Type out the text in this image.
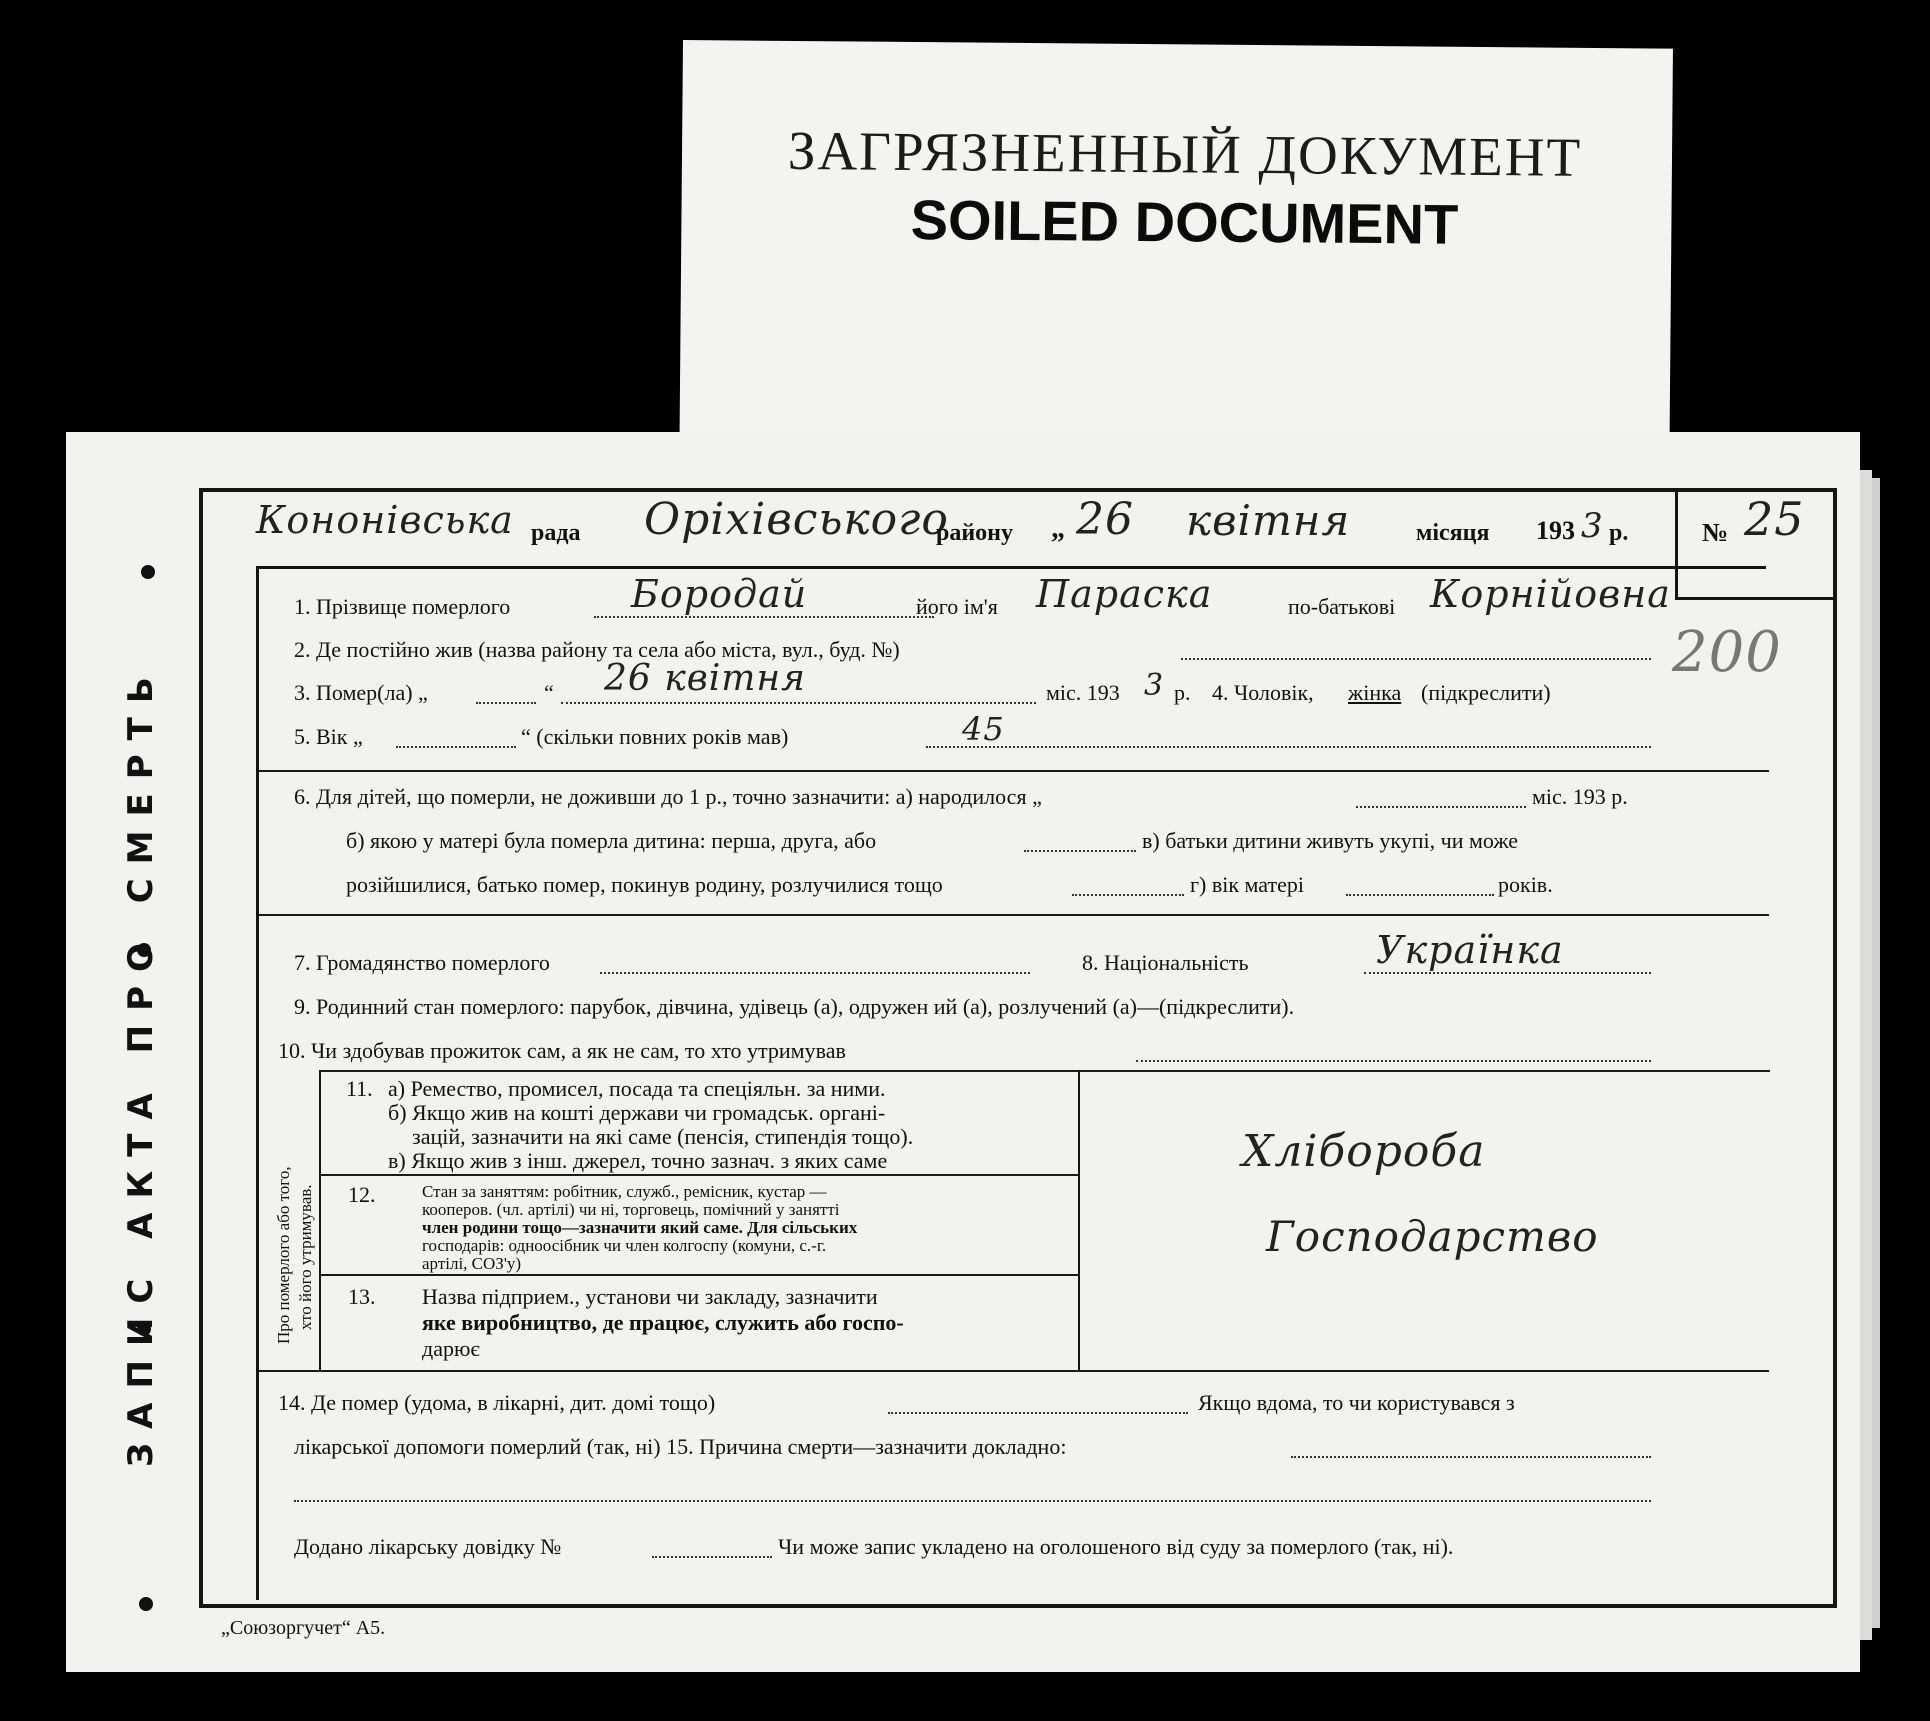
ЗАГРЯЗНЕННЫЙ ДОКУМЕНТ
SOILED DOCUMENT
Кононівська рада Оріхівського
району „ 26 квітня	місяця 193 3 р.	№ 25
200
ЗАПИС АКТА ПРО СМЕРТЬ	Про померлого або того, хто його утримував.
1. Прізвище померлого	Бородай	його ім'я Параска	по-батькові Корнійовна
2. Де постійно жив (назва району та села або міста, вул., буд. №)
3. Помер(ла) „	“ 26 квітня	міс. 193 3 р. 4. Чоловік, жінка (підкреслити)
5. Вік „	“ (скільки повних років мав)	45
6. Для дітей, що померли, не доживши до 1 р., точно зазначити: а) народилося „	міс. 193 р.
б) якою у матері була померла дитина: перша, друга, або	в) батьки дитини живуть укупі, чи може
розійшилися, батько помер, покинув родину, розлучилися тощо	г) вік матері	років.
7. Громадянство померлого	8. Національність	Українка
9. Родинний стан померлого: парубок, дівчина, удівець (а), одружен ий (а), розлучений (а)—(підкреслити).
10. Чи здобував прожиток сам, а як не сам, то хто утримував
11. а) Ремество, промисел, посада та спеціяльн. за ними.
б) Якщо жив на коштi держави чи громадськ. органі-
зацій, зазначити на які саме (пенсія, стипендія тощо).
в) Якщо жив з інш. джерел, точно зазнач. з яких саме	Хлібороба
Господарство
12.	Стан за заняттям: робітник, служб., ремісник, кустар —
кооперов. (чл. артілі) чи ні, торговець, помічний у занятті
член родини тощо—зазначити який саме. Для сільських
господарів: одноосібник чи член колгоспу (комуни, с.-г.
артілі, СОЗ'у)
13. Назва підприем., установи чи закладу, зазначити
яке виробництво, де працює, служить або госпо-
дарює
14. Де помер (удома, в лікарні, дит. домі тощо)	Якщо вдома, то чи користувався з
лікарської допомоги померлий (так, ні) 15. Причина смерти—зазначити докладно:
Додано лікарську довідку №	Чи може запис укладено на оголошеного від суду за померлого (так, ні).
„Союзоргучет“ А5.
